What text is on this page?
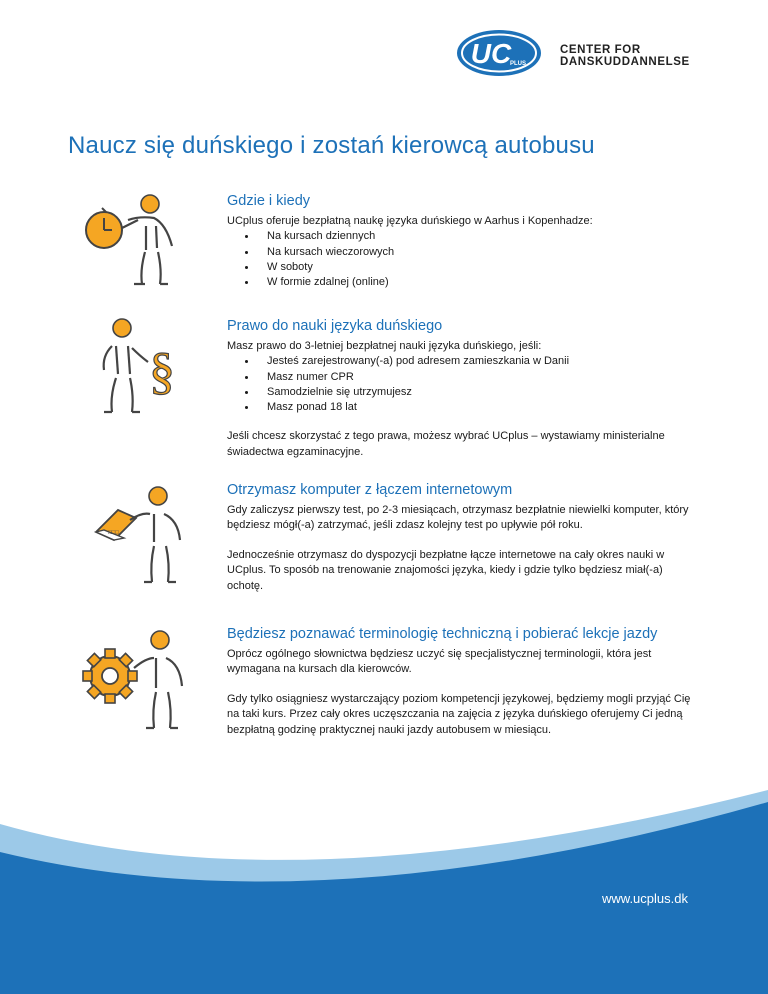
UC
PLUS
CENTER FOR DANSKUDDANNELSE
Naucz się duńskiego i zostań kierowcą autobusu
Gdzie i kiedy

UCplus oferuje bezpłatną naukę języka duńskiego w Aarhus i Kopenhadze:

• Na kursach dziennych
• Na kursach wieczorowych
• W soboty
• W formie zdalnej (online)
§
Prawo do nauki języka duńskiego

Masz prawo do 3-letniej bezpłatnej nauki języka duńskiego, jeśli:

• Jesteś zarejestrowany(-a) pod adresem zamieszkania w Danii
• Masz numer CPR
• Samodzielnie się utrzymujesz
• Masz ponad 18 lat

Jeśli chcesz skorzystać z tego prawa, możesz wybrać UCplus – wystawiamy ministerialne świadectwa egzaminacyjne.

□□□
Otrzymasz komputer z łączem internetowym

Gdy zaliczysz pierwszy test, po 2-3 miesiącach, otrzymasz bezpłatnie niewielki komputer, który będziesz mógł(-a) zatrzymać, jeśli zdasz kolejny test po upływie pół roku.

Jednocześnie otrzymasz do dyspozycji bezpłatne łącze internetowe na cały okres nauki w UCplus. To sposób na trenowanie znajomości języka, kiedy i gdzie tylko będziesz miał(-a) ochotę.

Będziesz poznawać terminologię techniczną i pobierać lekcje jazdy

Oprócz ogólnego słownictwa będziesz uczyć się specjalistycznej terminologii, która jest wymagana na kursach dla kierowców.

Gdy tylko osiągniesz wystarczający poziom kompetencji językowej, będziemy mogli przyjąć Cię na taki kurs. Przez cały okres uczęszczania na zajęcia z języka duńskiego oferujemy Ci jedną bezpłatną godzinę praktycznej nauki jazdy autobusem w miesiącu.

www.ucplus.dk
